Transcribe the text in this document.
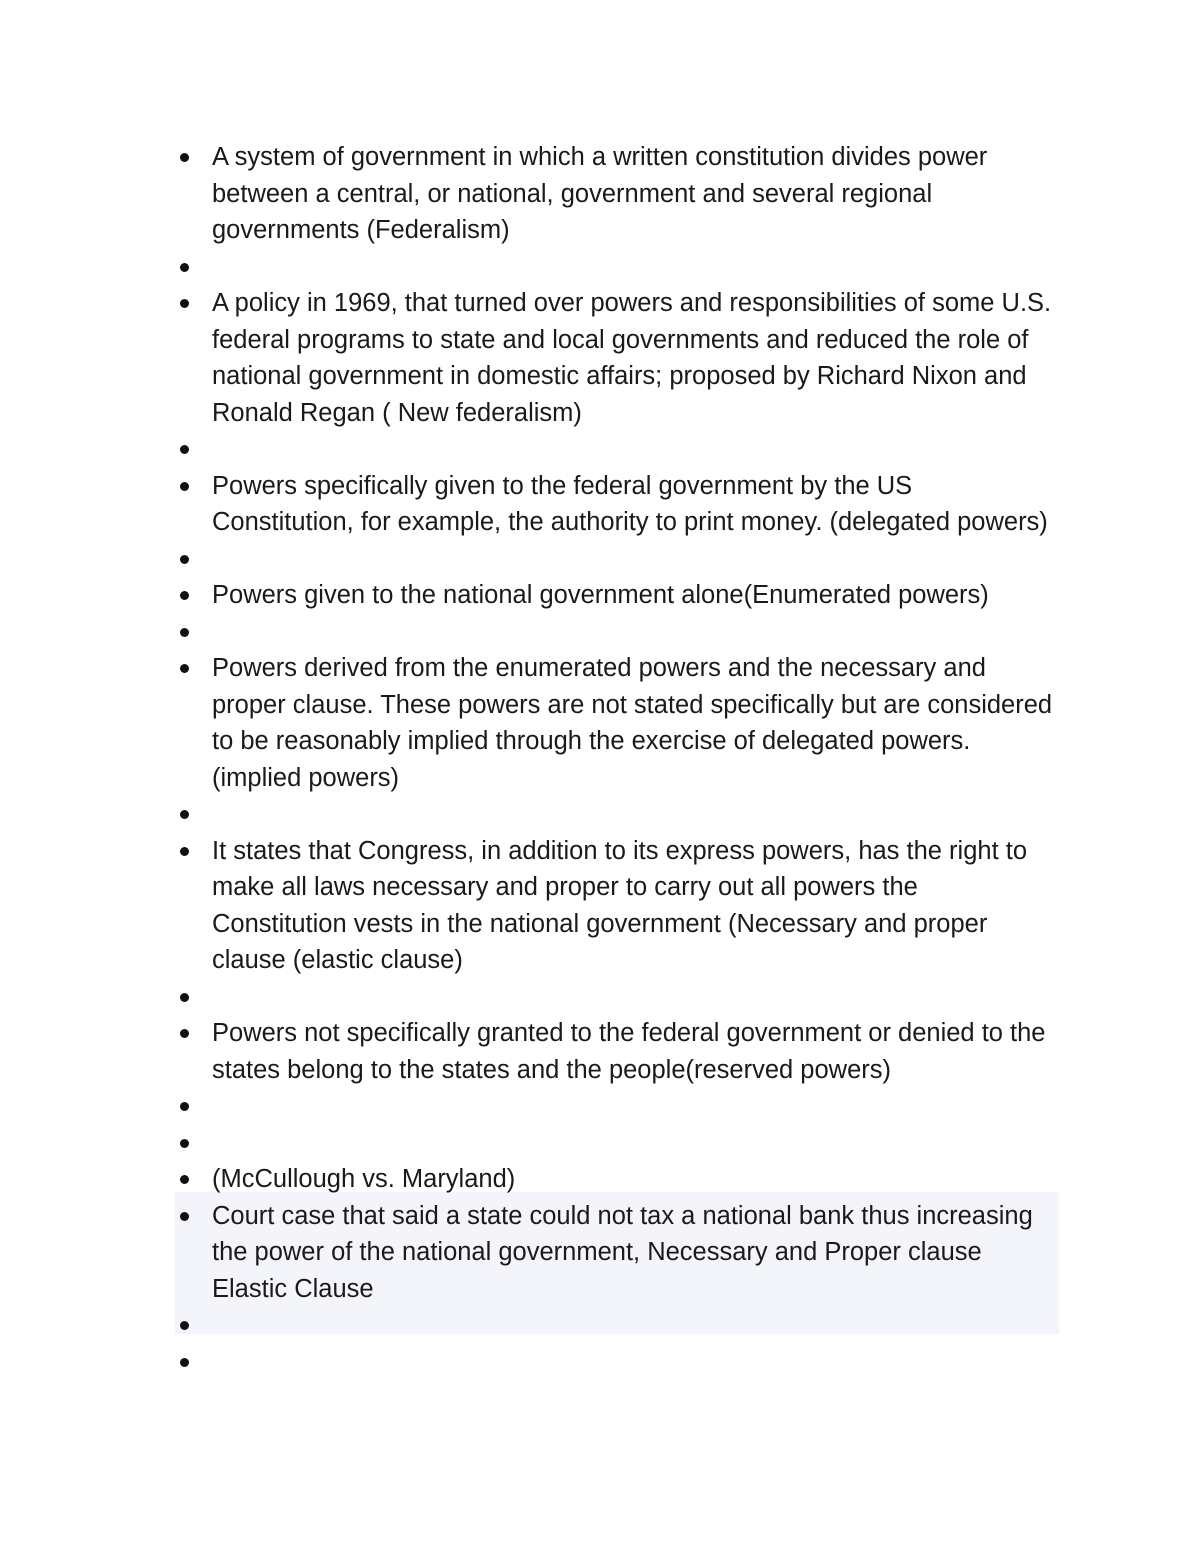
A system of government in which a written constitution divides power between a central, or national, government and several regional governments (Federalism)
A policy in 1969, that turned over powers and responsibilities of some U.S. federal programs to state and local governments and reduced the role of national government in domestic affairs; proposed by Richard Nixon and Ronald Regan ( New federalism)
Powers specifically given to the federal government by the US Constitution, for example, the authority to print money. (delegated powers)
Powers given to the national government alone(Enumerated powers)
Powers derived from the enumerated powers and the necessary and proper clause. These powers are not stated specifically but are considered to be reasonably implied through the exercise of delegated powers.(implied powers)
It states that Congress, in addition to its express powers, has the right to make all laws necessary and proper to carry out all powers the Constitution vests in the national government (Necessary and proper clause (elastic clause)
Powers not specifically granted to the federal government or denied to the states belong to the states and the people(reserved powers)
(McCullough vs. Maryland)
Court case that said a state could not tax a national bank thus increasing the power of the national government, Necessary and Proper clause Elastic Clause
